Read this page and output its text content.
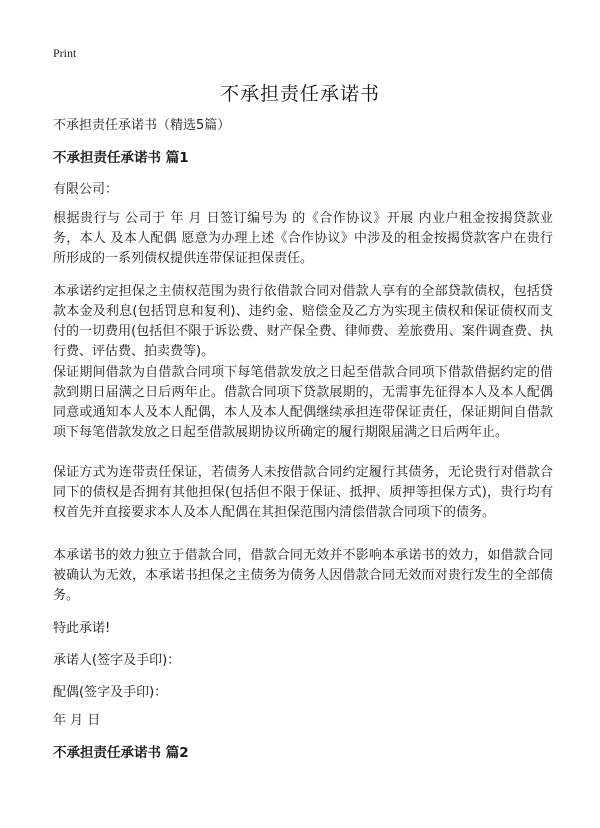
Print
不承担责任承诺书
不承担责任承诺书（精选5篇）
不承担责任承诺书 篇1
有限公司：
根据贵行与 公司于 年 月 日签订编号为 的《合作协议》开展 内业户租金按揭贷款业务，本人 及本人配偶 愿意为办理上述《合作协议》中涉及的租金按揭贷款客户在贵行所形成的一系列债权提供连带保证担保责任。
本承诺约定担保之主债权范围为贵行依借款合同对借款人享有的全部贷款债权，包括贷款本金及利息(包括罚息和复利)、违约金、赔偿金及乙方为实现主债权和保证债权而支付的一切费用(包括但不限于诉讼费、财产保全费、律师费、差旅费用、案件调查费、执行费、评估费、拍卖费等)。
保证期间借款为自借款合同项下每笔借款发放之日起至借款合同项下借款借据约定的借款到期日届满之日后两年止。借款合同项下贷款展期的，无需事先征得本人及本人配偶同意或通知本人及本人配偶，本人及本人配偶继续承担连带保证责任，保证期间自借款项下每笔借款发放之日起至借款展期协议所确定的履行期限届满之日后两年止。
保证方式为连带责任保证，若债务人未按借款合同约定履行其债务，无论贵行对借款合同下的债权是否拥有其他担保(包括但不限于保证、抵押、质押等担保方式)，贵行均有权首先并直接要求本人及本人配偶在其担保范围内清偿借款合同项下的债务。
本承诺书的效力独立于借款合同，借款合同无效并不影响本承诺书的效力，如借款合同被确认为无效，本承诺书担保之主债务为债务人因借款合同无效而对贵行发生的全部债务。
特此承诺!
承诺人(签字及手印)：
配偶(签字及手印)：
年 月 日
不承担责任承诺书 篇2
